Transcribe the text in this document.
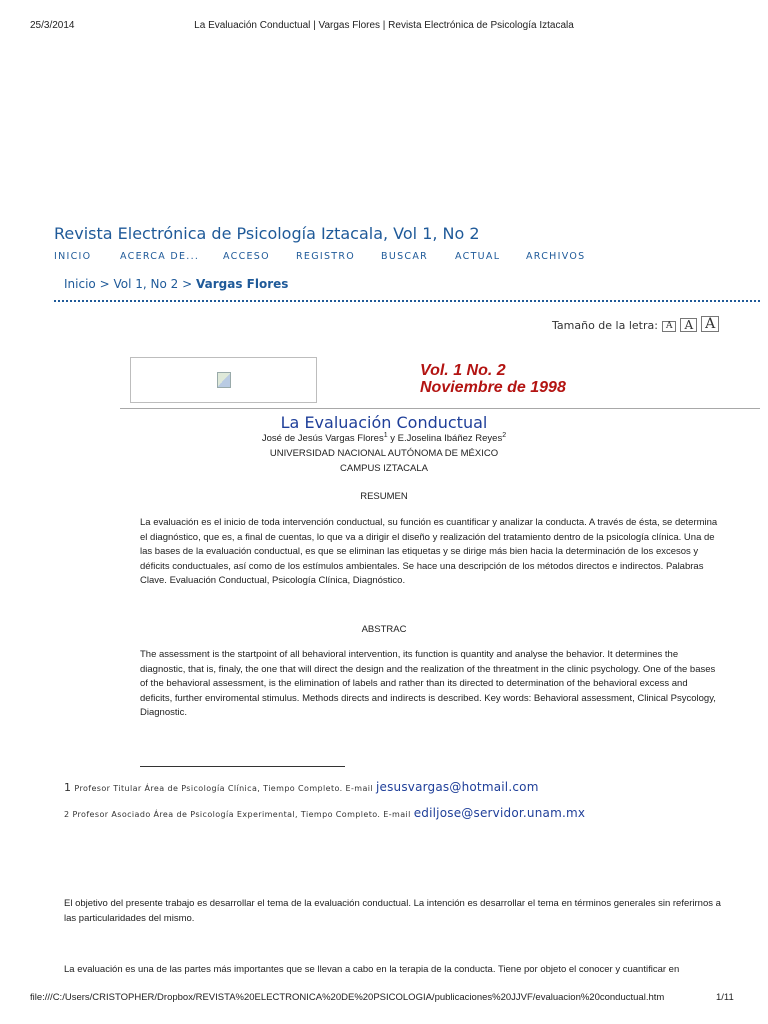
25/3/2014	La Evaluación Conductual | Vargas Flores | Revista Electrónica de Psicología Iztacala
Revista Electrónica de Psicología Iztacala, Vol 1, No 2
INICIO	ACERCA DE...	ACCESO	REGISTRO	BUSCAR	ACTUAL	ARCHIVOS
Inicio > Vol 1, No 2 > Vargas Flores
Tamaño de la letra: A	A A
Vol. 1 No. 2
Noviembre de 1998
La Evaluación Conductual
José de Jesús Vargas Flores$^1$ y E.Joselina Ibáñez Reyes$^2$
UNIVERSIDAD NACIONAL AUTÓNOMA DE MÉXICO
CAMPUS IZTACALA
RESUMEN
La evaluación es el inicio de toda intervención conductual, su función es cuantificar y analizar la conducta. A través de ésta, se determina el diagnóstico, que es, a final de cuentas, lo que va a dirigir el diseño y realización del tratamiento dentro de la psicología clínica. Una de las bases de la evaluación conductual, es que se eliminan las etiquetas y se dirige más bien hacia la determinación de los excesos y déficits conductuales, así como de los estímulos ambientales. Se hace una descripción de los métodos directos e indirectos. Palabras Clave. Evaluación Conductual, Psicología Clínica, Diagnóstico.
ABSTRAC
The assessment is the startpoint of all behavioral intervention, its function is quantity and analyse the behavior. It determines the diagnostic, that is, finaly, the one that will direct the design and the realization of the threatment in the clinic psychology. One of the bases of the behavioral assessment, is the elimination of labels and rather than its directed to determination of the behavioral excess and deficits, further enviromental stimulus. Methods directs and indirects is described. Key words: Behavioral assessment, Clinical Psycology, Diagnostic.
1 Profesor Titular Área de Psicología Clínica, Tiempo Completo. E-mail jesusvargas@hotmail.com
2 Profesor Asociado Área de Psicología Experimental, Tiempo Completo. E-mail ediljose@servidor.unam.mx
El objetivo del presente trabajo es desarrollar el tema de la evaluación conductual. La intención es desarrollar el tema en términos generales sin referirnos a las particularidades del mismo.
La evaluación es una de las partes más importantes que se llevan a cabo en la terapia de la conducta. Tiene por objeto el conocer y cuantificar en
file:///C:/Users/CRISTOPHER/Dropbox/REVISTA%20ELECTRONICA%20DE%20PSICOLOGIA/publicaciones%20JJVF/evaluacion%20conductual.htm	1/11
